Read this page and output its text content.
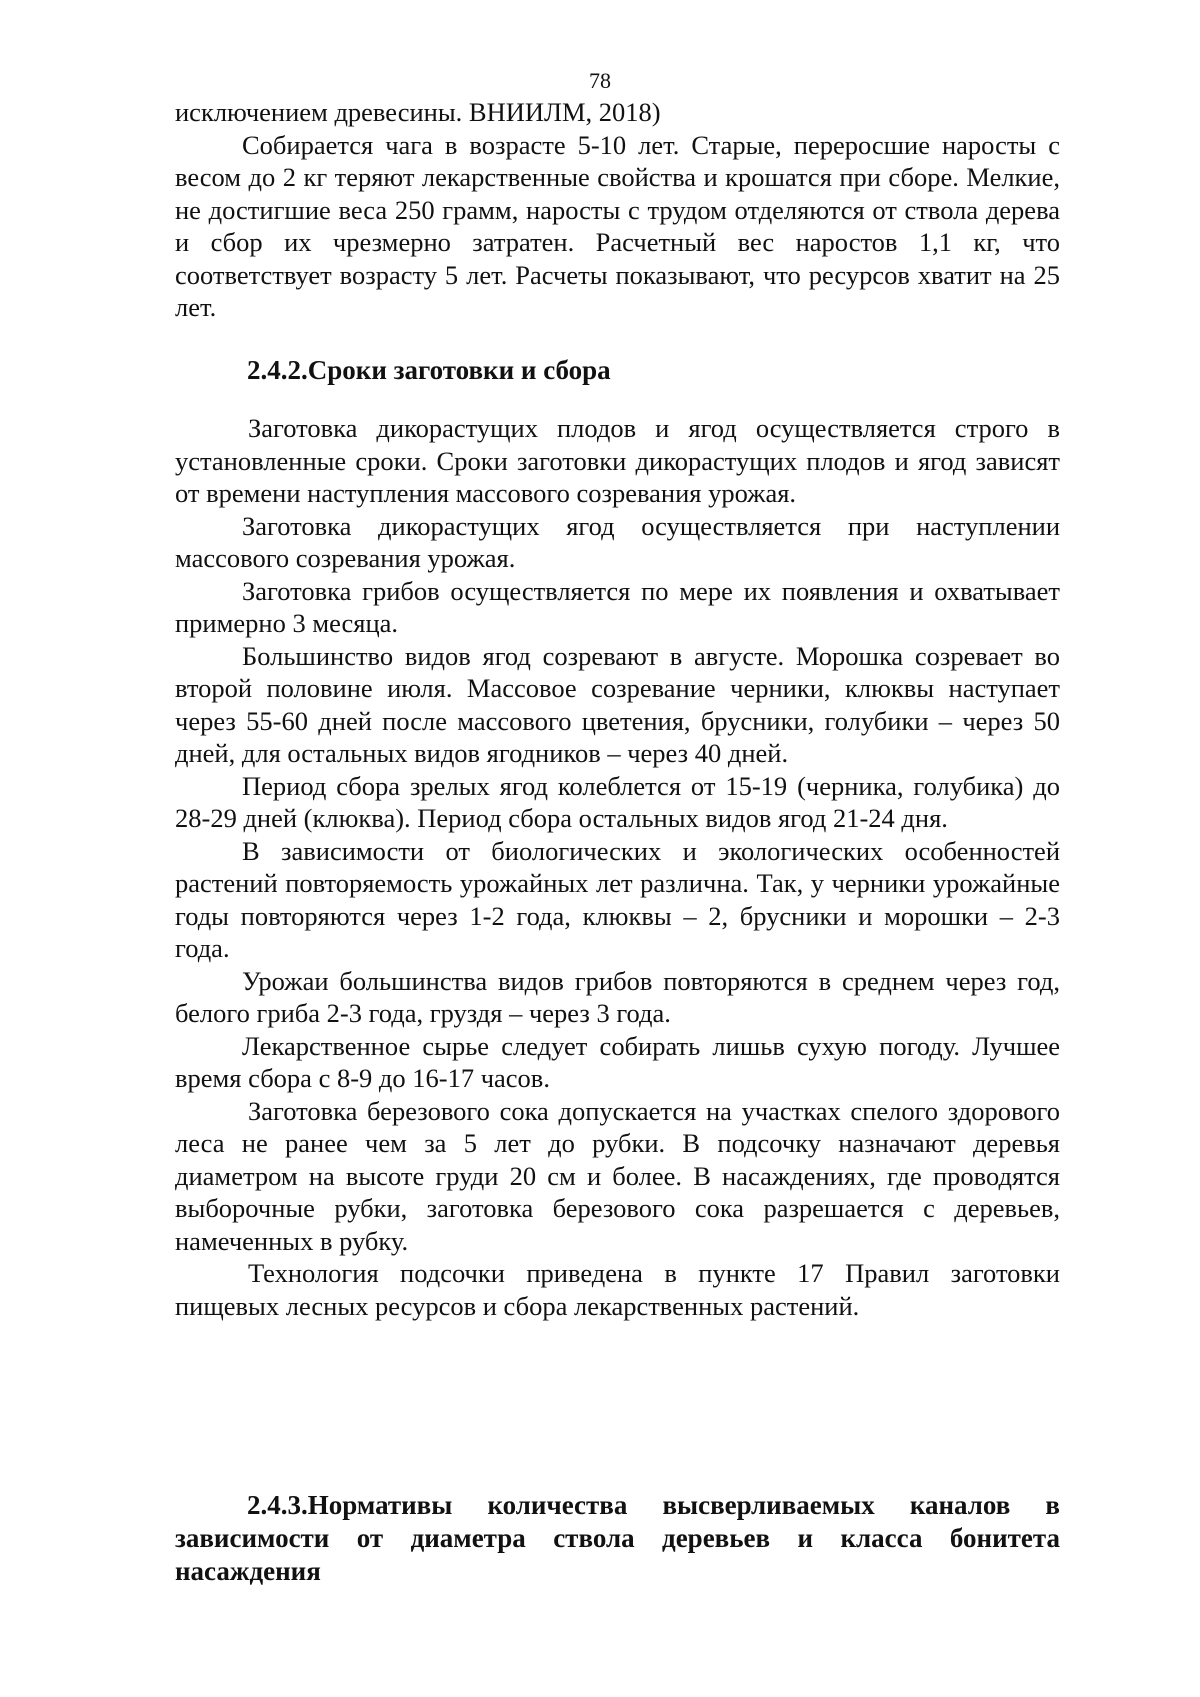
78

исключением древесины. ВНИИЛМ, 2018)

Собирается чага в возрасте 5-10 лет. Старые, переросшие наросты с весом до 2 кг теряют лекарственные свойства и крошатся при сборе. Мелкие, не достигшие веса 250 грамм, наросты с трудом отделяются от ствола дерева и сбор их чрезмерно затратен. Расчетный вес наростов 1,1 кг, что соответствует возрасту 5 лет. Расчеты показывают, что ресурсов хватит на 25 лет.

2.4.2.Сроки заготовки и сбора

Заготовка дикорастущих плодов и ягод осуществляется строго в установленные сроки. Сроки заготовки дикорастущих плодов и ягод зависят от времени наступления массового созревания урожая.

Заготовка дикорастущих ягод осуществляется при наступлении массового созревания урожая.

Заготовка грибов осуществляется по мере их появления и охватывает примерно 3 месяца.

Большинство видов ягод созревают в августе. Морошка созревает во второй половине июля. Массовое созревание черники, клюквы наступает через 55-60 дней после массового цветения, брусники, голубики – через 50 дней, для остальных видов ягодников – через 40 дней.

Период сбора зрелых ягод колеблется от 15-19 (черника, голубика) до 28-29 дней (клюква). Период сбора остальных видов ягод 21-24 дня.

В зависимости от биологических и экологических особенностей растений повторяемость урожайных лет различна. Так, у черники урожайные годы повторяются через 1-2 года, клюквы – 2, брусники и морошки – 2-3 года.

Урожаи большинства видов грибов повторяются в среднем через год, белого гриба 2-3 года, груздя – через 3 года.

Лекарственное сырье следует собирать лишьв сухую погоду. Лучшее время сбора с 8-9 до 16-17 часов.

Заготовка березового сока допускается на участках спелого здорового леса не ранее чем за 5 лет до рубки. В подсочку назначают деревья диаметром на высоте груди 20 см и более. В насаждениях, где проводятся выборочные рубки, заготовка березового сока разрешается с деревьев, намеченных в рубку.

Технология подсочки приведена в пункте 17 Правил заготовки пищевых лесных ресурсов и сбора лекарственных растений.

2.4.3.Нормативы количества высверливаемых каналов в
зависимости от диаметра ствола деревьев и класса бонитета насаждения
